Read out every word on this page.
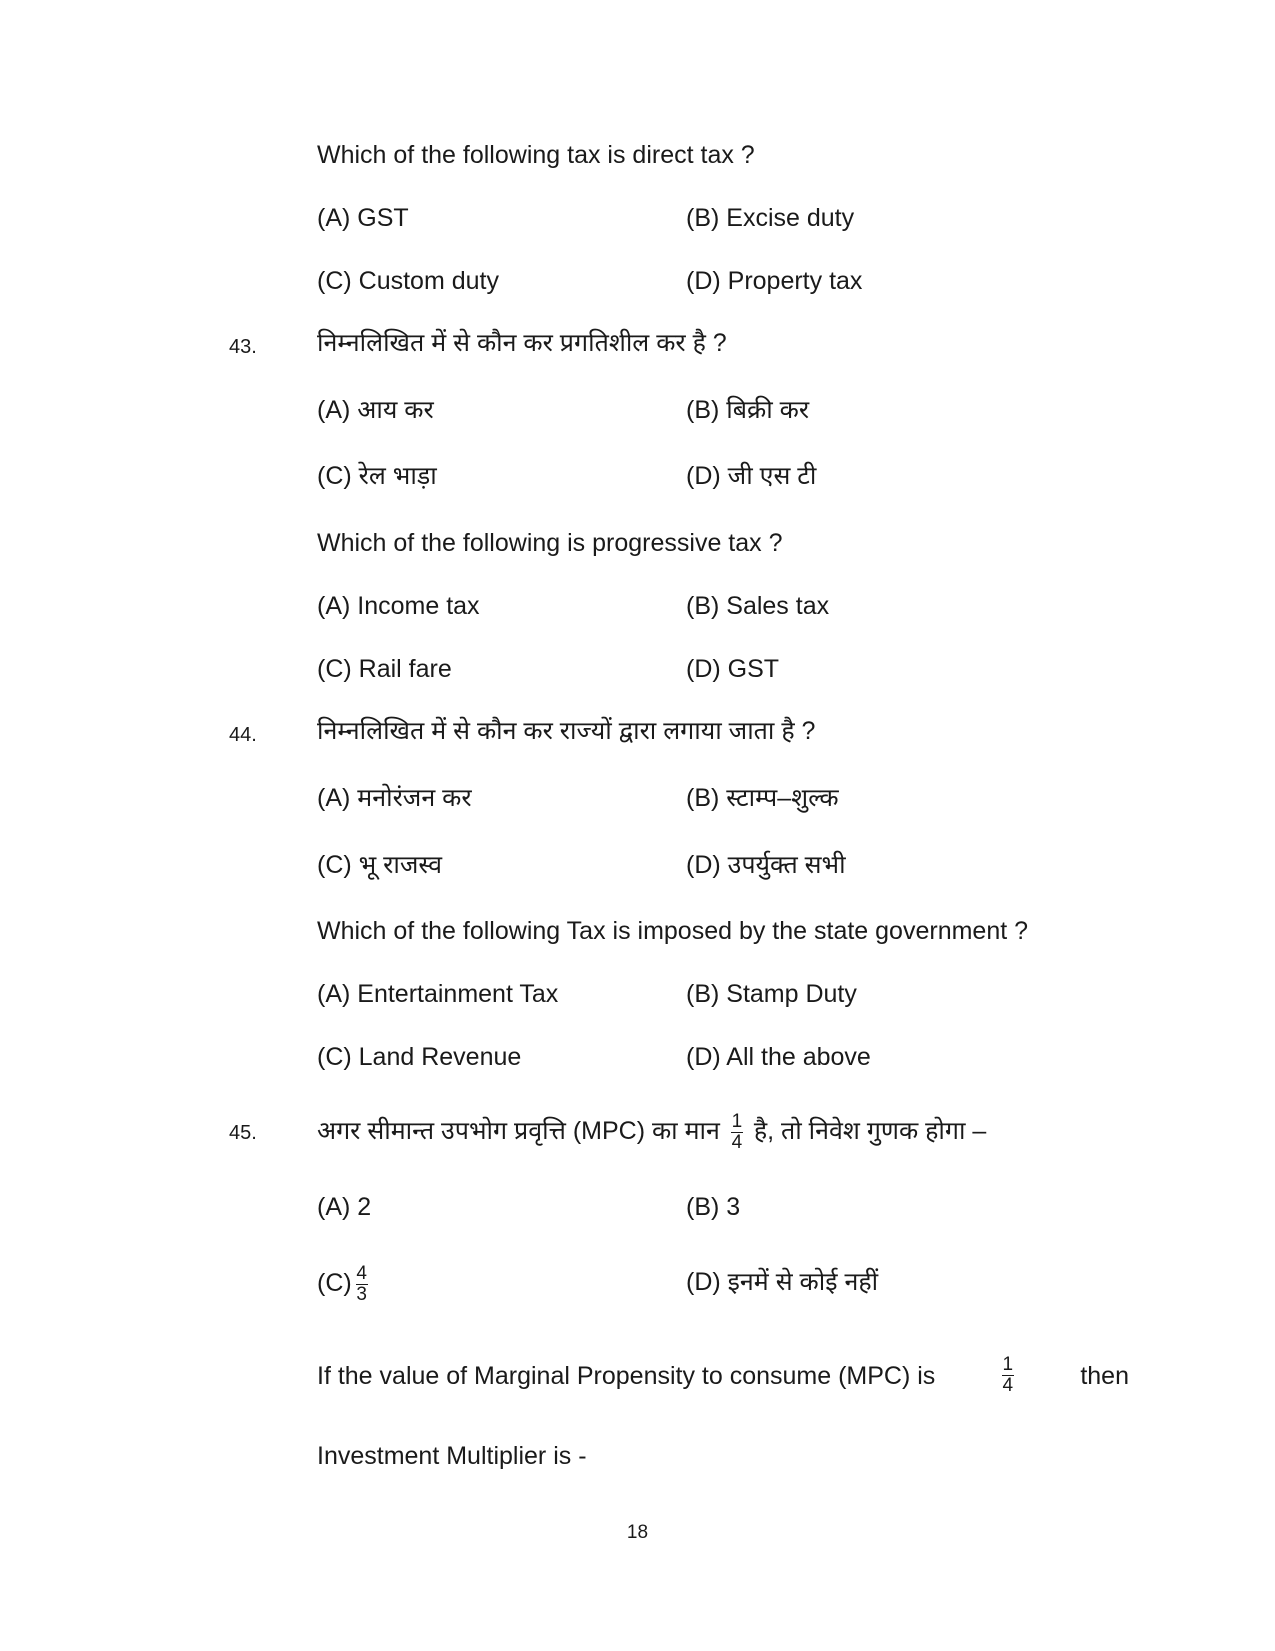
Which of the following tax is direct tax ?
(A) GST	(B) Excise duty
(C) Custom duty	(D) Property tax
43. निम्नलिखित में से कौन कर प्रगतिशील कर है ?
(A) आय कर	(B) बिक्री कर
(C) रेल भाड़ा	(D) जी एस टी
Which of the following is progressive tax ?
(A) Income tax	(B) Sales tax
(C) Rail fare	(D) GST
44. निम्नलिखित में से कौन कर राज्यों द्वारा लगाया जाता है ?
(A) मनोरंजन कर	(B) स्टाम्प–शुल्क
(C) भू राजस्व	(D) उपर्युक्त सभी
Which of the following Tax is imposed by the state government ?
(A) Entertainment Tax	(B) Stamp Duty
(C) Land Revenue	(D) All the above
45. अगर सीमान्त उपभोग प्रवृत्ति (MPC) का मान $\frac{1}{4}$ है, तो निवेश गुणक होगा –
(A) 2	(B) 3
$(C) \frac{4}{3}$	(D) इनमें से कोई नहीं
If the value of Marginal Propensity to consume (MPC) is	$\frac{1}{4}$	then
Investment Multiplier is -
18
